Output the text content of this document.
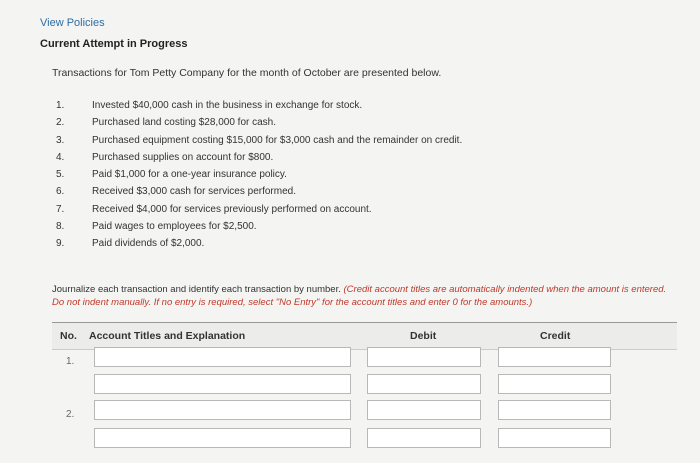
View Policies
Current Attempt in Progress
Transactions for Tom Petty Company for the month of October are presented below.
1.	Invested $40,000 cash in the business in exchange for stock.
2.	Purchased land costing $28,000 for cash.
3.	Purchased equipment costing $15,000 for $3,000 cash and the remainder on credit.
4.	Purchased supplies on account for $800.
5.	Paid $1,000 for a one-year insurance policy.
6.	Received $3,000 cash for services performed.
7.	Received $4,000 for services previously performed on account.
8.	Paid wages to employees for $2,500.
9.	Paid dividends of $2,000.
Journalize each transaction and identify each transaction by number. (Credit account titles are automatically indented when the amount is entered. Do not indent manually. If no entry is required, select "No Entry" for the account titles and enter 0 for the amounts.)
No. Account Titles and Explanation	Debit	Credit
1.
2.
